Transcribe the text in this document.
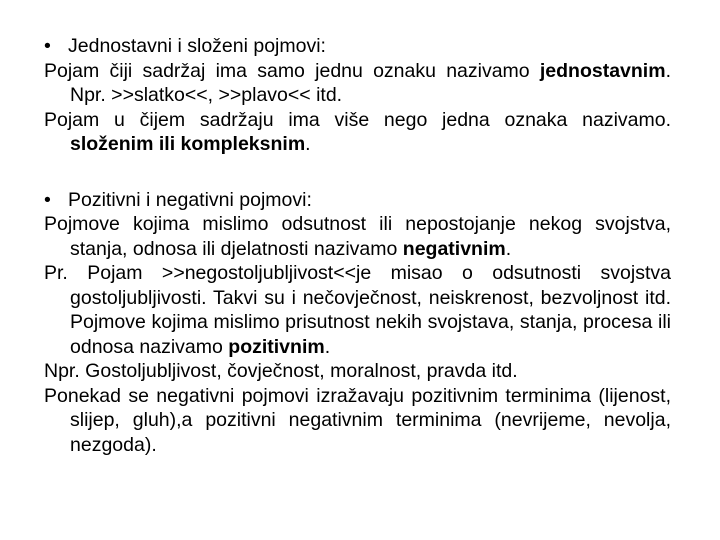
• Jednostavni i složeni pojmovi:

Pojam čiji sadržaj ima samo jednu oznaku nazivamo jednostavnim. Npr. >>slatko<<, >>plavo<< itd.

Pojam u čijem sadržaju ima više nego jedna oznaka nazivamo. složenim ili kompleksnim.

• Pozitivni i negativni pojmovi:

Pojmove kojima mislimo odsutnost ili nepostojanje nekog svojstva, stanja, odnosa ili djelatnosti nazivamo negativnim.

Pr. Pojam >>negostoljubljivost<<je misao o odsutnosti svojstva gostoljubljivosti. Takvi su i nečovječnost, neiskrenost, bezvoljnost itd. Pojmove kojima mislimo prisutnost nekih svojstava, stanja, procesa ili odnosa nazivamo pozitivnim.

Npr. Gostoljubljivost, čovječnost, moralnost, pravda itd.

Ponekad se negativni pojmovi izražavaju pozitivnim terminima (lijenost, slijep, gluh),a pozitivni negativnim terminima (nevrijeme, nevolja, nezgoda).
